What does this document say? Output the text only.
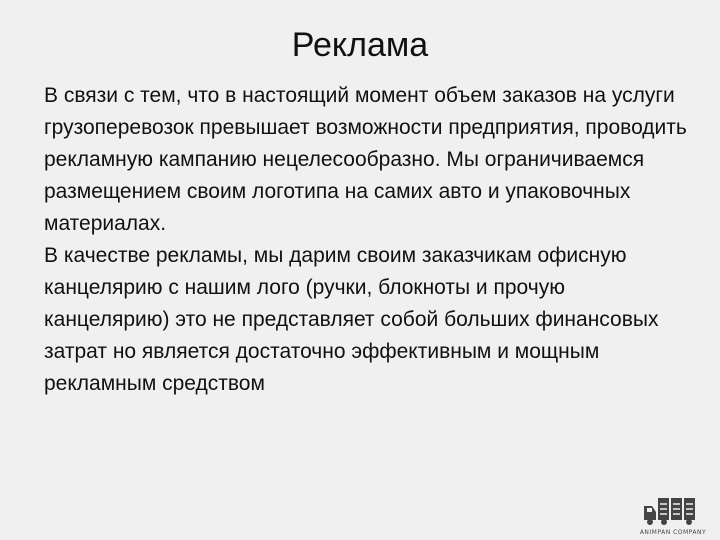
Реклама

В связи с тем, что в настоящий момент объем заказов на услуги грузоперевозок превышает возможности предприятия, проводить рекламную кампанию нецелесообразно. Мы ограничиваемся размещением своим логотипа на самих авто и упаковочных материалах.

В качестве рекламы, мы дарим своим заказчикам офисную канцелярию с нашим лого (ручки, блокноты и прочую канцелярию) это не представляет собой больших финансовых затрат но является достаточно эффективным и мощным рекламным средством

ANIMPAN COMPANY
